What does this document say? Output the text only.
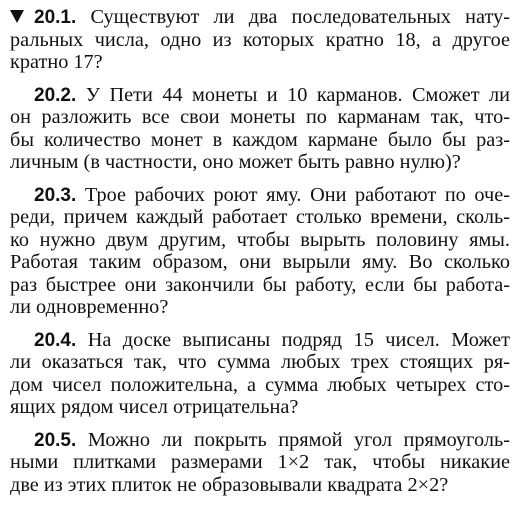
20.1. Существуют ли два последовательных нату-
ральных числа, одно из которых кратно 18, а другое
кратно 17?
20.2. У Пети 44 монеты и 10 карманов. Сможет ли
он разложить все свои монеты по карманам так, что-
бы количество монет в каждом кармане было бы раз-
личным (в частности, оно может быть равно нулю)?
20.3. Трое рабочих роют яму. Они работают по оче-
реди, причем каждый работает столько времени, сколь-
ко нужно двум другим, чтобы вырыть половину ямы.
Работая таким образом, они вырыли яму. Во сколько
раз быстрее они закончили бы работу, если бы работа-
ли одновременно?
20.4. На доске выписаны подряд 15 чисел. Может
ли оказаться так, что сумма любых трех стоящих ря-
дом чисел положительна, а сумма любых четырех сто-
ящих рядом чисел отрицательна?
20.5. Можно ли покрыть прямой угол прямоуголь-
ными плитками размерами 1×2 так, чтобы никакие
две из этих плиток не образовывали квадрата 2×2?
